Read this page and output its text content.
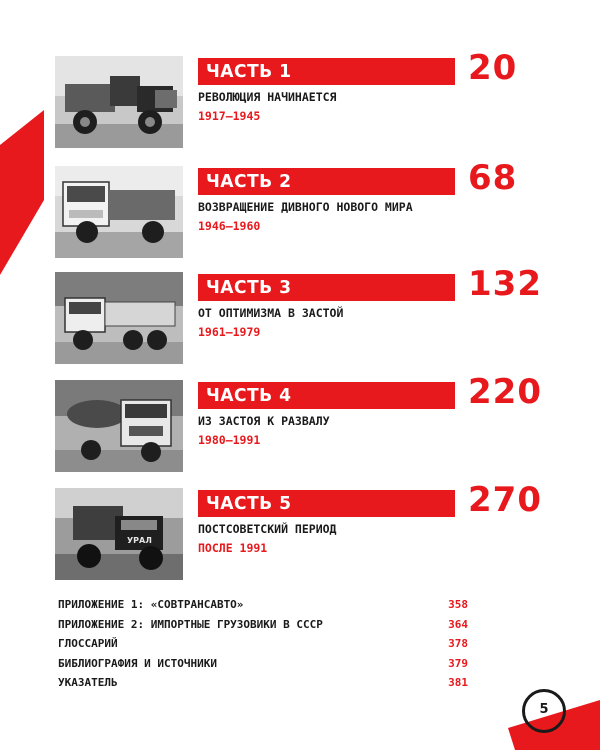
ЧАСТЬ 1	20
РЕВОЛЮЦИЯ НАЧИНАЕТСЯ
1917–1945
ЧАСТЬ 2	68
ВОЗВРАЩЕНИЕ ДИВНОГО НОВОГО МИРА
1946–1960
ЧАСТЬ 3	132
ОТ ОПТИМИЗМА В ЗАСТОЙ
1961–1979
ЧАСТЬ 4	220
ИЗ ЗАСТОЯ К РАЗВАЛУ
1980–1991
УРАЛ
ЧАСТЬ 5	270
ПОСТСОВЕТСКИЙ ПЕРИОД
ПОСЛЕ 1991
ПРИЛОЖЕНИЕ 1: «СОВТРАНСАВТО»	358
ПРИЛОЖЕНИЕ 2: ИМПОРТНЫЕ ГРУЗОВИКИ В СССР	364
ГЛОССАРИЙ	378
БИБЛИОГРАФИЯ И ИСТОЧНИКИ	379
УКАЗАТЕЛЬ	381
5
